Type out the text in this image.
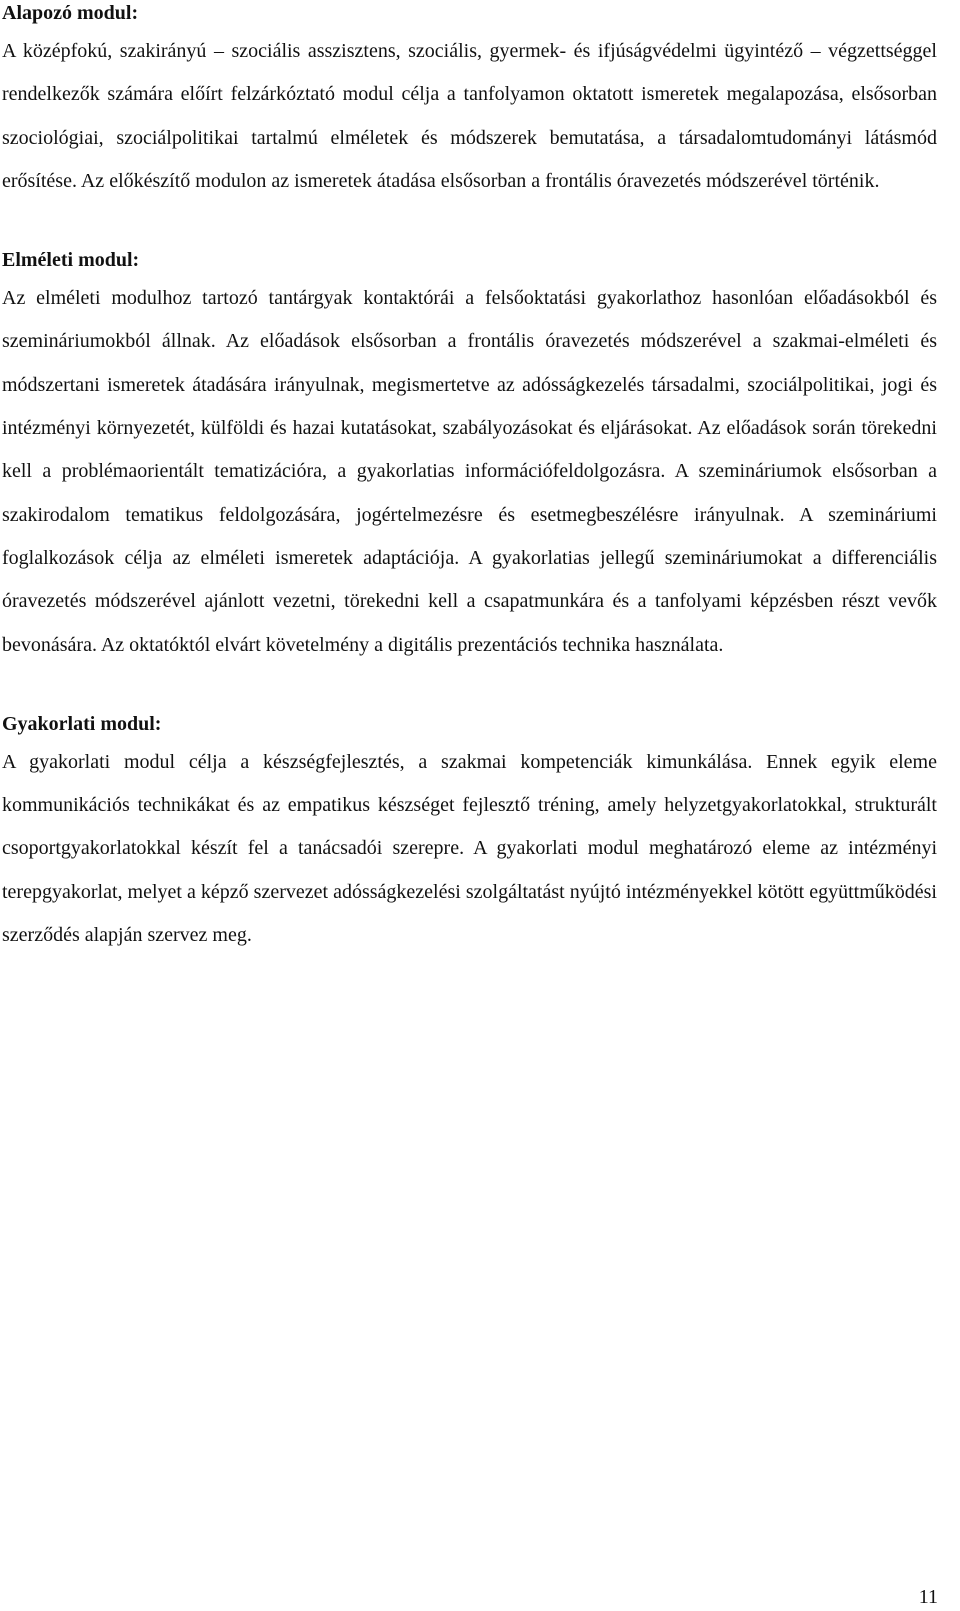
Alapozó modul:

A középfokú, szakirányú – szociális asszisztens, szociális, gyermek- és ifjúságvédelmi ügyintéző – végzettséggel rendelkezők számára előírt felzárkóztató modul célja a tanfolyamon oktatott ismeretek megalapozása, elsősorban szociológiai, szociálpolitikai tartalmú elméletek és módszerek bemutatása, a társadalomtudományi látásmód erősítése. Az előkészítő modulon az ismeretek átadása elsősorban a frontális óravezetés módszerével történik.

Elméleti modul:

Az elméleti modulhoz tartozó tantárgyak kontaktórái a felsőoktatási gyakorlathoz hasonlóan előadásokból és szemináriumokból állnak. Az előadások elsősorban a frontális óravezetés módszerével a szakmai-elméleti és módszertani ismeretek átadására irányulnak, megismertetve az adósságkezelés társadalmi, szociálpolitikai, jogi és intézményi környezetét, külföldi és hazai kutatásokat, szabályozásokat és eljárásokat. Az előadások során törekedni kell a problémaorientált tematizációra, a gyakorlatias információfeldolgozásra. A szemináriumok elsősorban a szakirodalom tematikus feldolgozására, jogértelmezésre és esetmegbeszélésre irányulnak. A szemináriumi foglalkozások célja az elméleti ismeretek adaptációja. A gyakorlatias jellegű szemináriumokat a differenciális óravezetés módszerével ajánlott vezetni, törekedni kell a csapatmunkára és a tanfolyami képzésben részt vevők bevonására. Az oktatóktól elvárt követelmény a digitális prezentációs technika használata.

Gyakorlati modul:

A gyakorlati modul célja a készségfejlesztés, a szakmai kompetenciák kimunkálása. Ennek egyik eleme kommunikációs technikákat és az empatikus készséget fejlesztő tréning, amely helyzetgyakorlatokkal, strukturált csoportgyakorlatokkal készít fel a tanácsadói szerepre. A gyakorlati modul meghatározó eleme az intézményi terepgyakorlat, melyet a képző szervezet adósságkezelési szolgáltatást nyújtó intézményekkel kötött együttműködési szerződés alapján szervez meg.

11
